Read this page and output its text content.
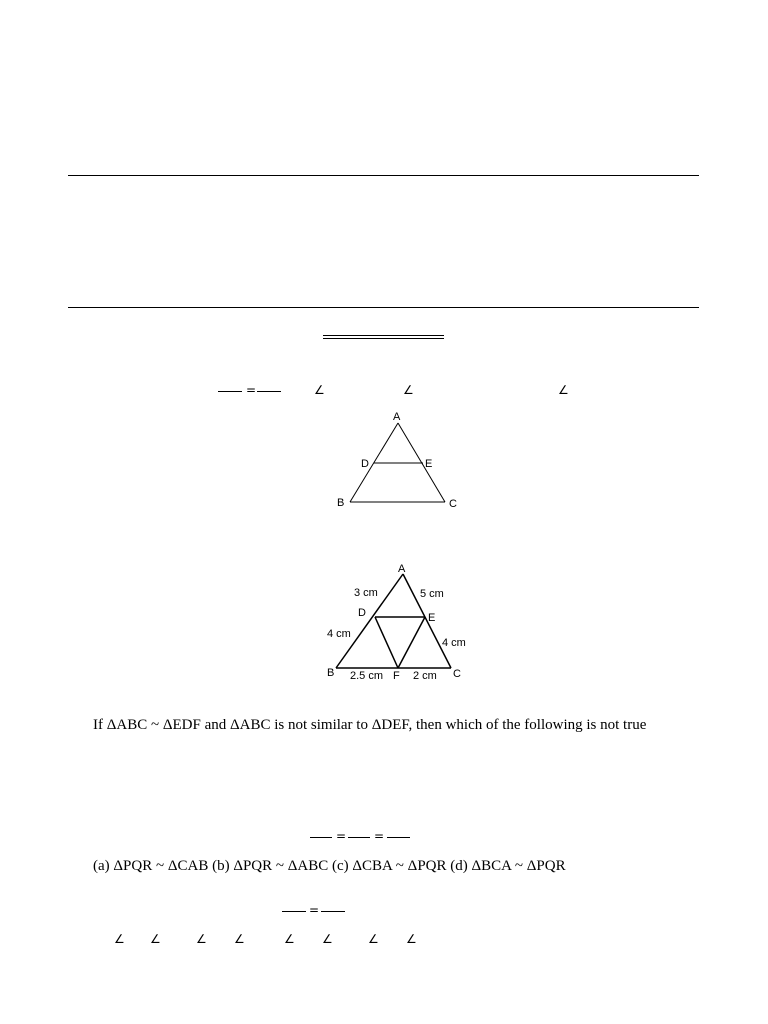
=	∠	∠	∠
A
D	E
B	C
A
D	E
B	F	C
3 cm	5 cm
4 cm
4 cm
2.5 cm	2 cm
If ΔABC ~ ΔEDF and ΔABC is not similar to ΔDEF, then which of the following is not true
= =
(a) ΔPQR ~ ΔCAB (b) ΔPQR ~ ΔABC (c) ΔCBA ~ ΔPQR (d) ΔBCA ~ ΔPQR
=
∠ ∠	∠ ∠	∠ ∠	∠ ∠
